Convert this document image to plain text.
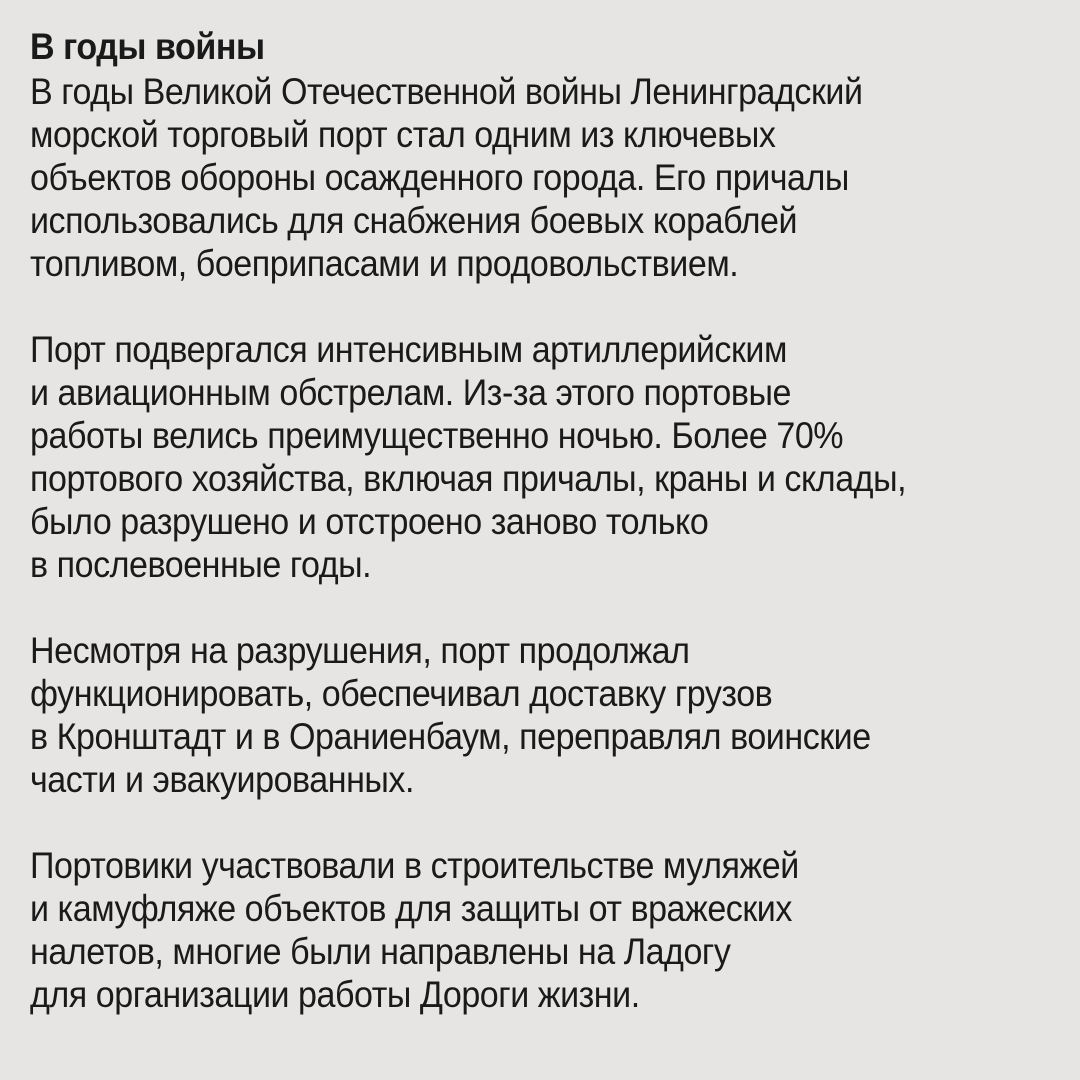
В годы войны

В годы Великой Отечественной войны Ленинградский
морской торговый порт стал одним из ключевых
объектов обороны осажденного города. Его причалы
использовались для снабжения боевых кораблей
топливом, боеприпасами и продовольствием.

Порт подвергался интенсивным артиллерийским
и авиационным обстрелам. Из-за этого портовые
работы велись преимущественно ночью. Более 70%
портового хозяйства, включая причалы, краны и склады,
было разрушено и отстроено заново только
в послевоенные годы.

Несмотря на разрушения, порт продолжал
функционировать, обеспечивал доставку грузов
в Кронштадт и в Ораниенбаум, переправлял воинские
части и эвакуированных.

Портовики участвовали в строительстве муляжей
и камуфляже объектов для защиты от вражеских
налетов, многие были направлены на Ладогу
для организации работы Дороги жизни.
